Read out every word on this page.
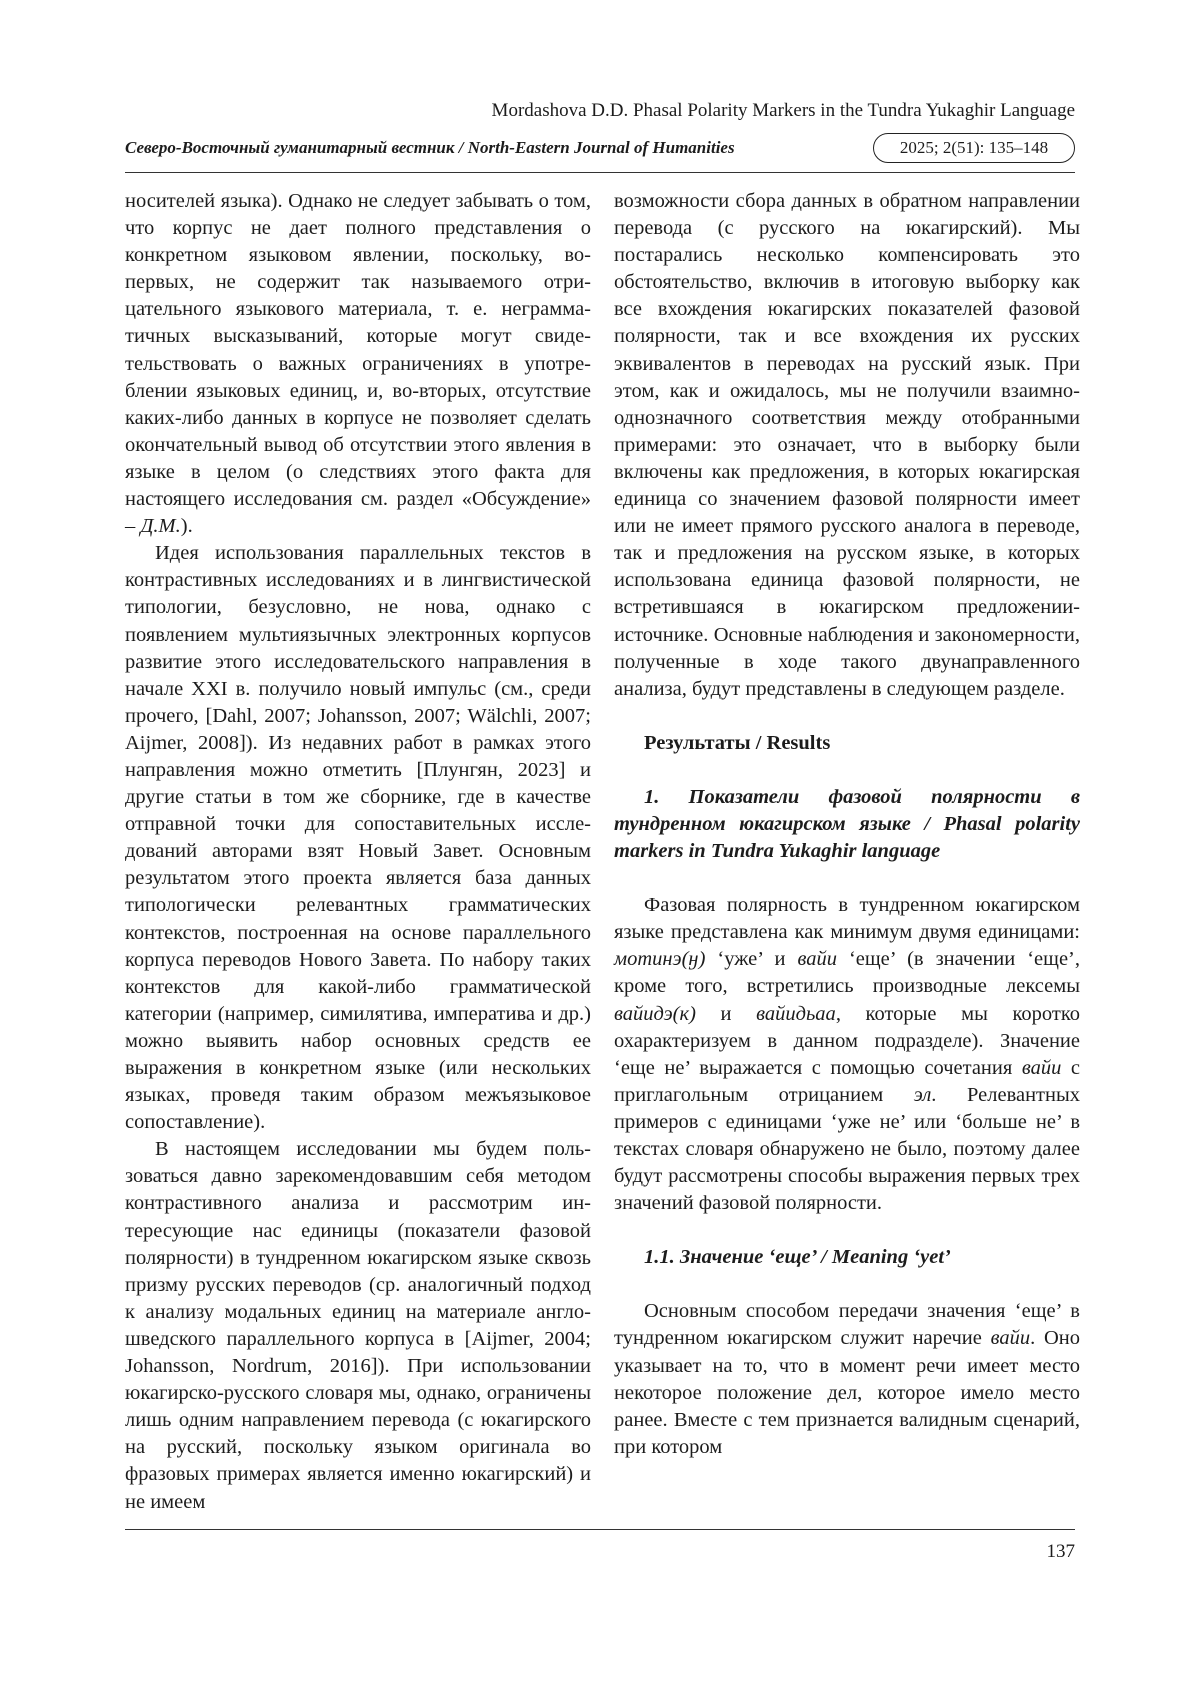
Mordashova D.D. Phasal Polarity Markers in the Tundra Yukaghir Language
Северо-Восточный гуманитарный вестник / North-Eastern Journal of Humanities	2025; 2(51): 135–148

носителей языка). Однако не следует забывать о том, что корпус не дает полного представления о конкретном языковом явлении, поскольку, во-первых, не содержит так называемого отрицательного языкового материала, т. е. неграмматичных высказываний, которые могут свидетельствовать о важных ограничениях в употреблении языковых единиц, и, во-вторых, отсутствие каких-либо данных в корпусе не позволяет сделать окончательный вывод об отсутствии этого явления в языке в целом (о следствиях этого факта для настоящего исследования см. раздел «Обсуждение» – Д.М.).

Идея использования параллельных текстов в контрастивных исследованиях и в лингвистической типологии, безусловно, не нова, однако с появлением мультиязычных электронных корпусов развитие этого исследовательского направления в начале XXI в. получило новый импульс (см., среди прочего, [Dahl, 2007; Johansson, 2007; Wälchli, 2007; Aijmer, 2008]). Из недавних работ в рамках этого направления можно отметить [Плунгян, 2023] и другие статьи в том же сборнике, где в качестве отправной точки для сопоставительных исследований авторами взят Новый Завет. Основным результатом этого проекта является база данных типологически релевантных грамматических контекстов, построенная на основе параллельного корпуса переводов Нового Завета. По набору таких контекстов для какой-либо грамматической категории (например, симилятива, императива и др.) можно выявить набор основных средств ее выражения в конкретном языке (или нескольких языках, проведя таким образом межъязыковое сопоставление).

В настоящем исследовании мы будем пользоваться давно зарекомендовавшим себя методом контрастивного анализа и рассмотрим интересующие нас единицы (показатели фазовой полярности) в тундренном юкагирском языке сквозь призму русских переводов (ср. аналогичный подход к анализу модальных единиц на материале англо-шведского параллельного корпуса в [Aijmer, 2004; Johansson, Nordrum, 2016]). При использовании юкагирско-русского словаря мы, однако, ограничены лишь одним направлением перевода (с юкагирского на русский, поскольку языком оригинала во фразовых примерах является именно юкагирский) и не имеем

возможности сбора данных в обратном направлении перевода (с русского на юкагирский). Мы постарались несколько компенсировать это обстоятельство, включив в итоговую выборку как все вхождения юкагирских показателей фазовой полярности, так и все вхождения их русских эквивалентов в переводах на русский язык. При этом, как и ожидалось, мы не получили взаимно-однозначного соответствия между отобранными примерами: это означает, что в выборку были включены как предложения, в которых юкагирская единица со значением фазовой полярности имеет или не имеет прямого русского аналога в переводе, так и предложения на русском языке, в которых использована единица фазовой полярности, не встретившаяся в юкагирском предложении-источнике. Основные наблюдения и закономерности, полученные в ходе такого двунаправленного анализа, будут представлены в следующем разделе.

Результаты / Results

1. Показатели фазовой полярности в тундренном юкагирском языке / Phasal polarity markers in Tundra Yukaghir language

Фазовая полярность в тундренном юкагирском языке представлена как минимум двумя единицами: мотинэ(ӈ) ‘уже’ и вайи ‘еще’ (в значении ‘еще’, кроме того, встретились производные лексемы вайидэ(к) и вайидьаа, которые мы коротко охарактеризуем в данном подразделе). Значение ‘еще не’ выражается с помощью сочетания вайи с приглагольным отрицанием эл. Релевантных примеров с единицами ‘уже не’ или ‘больше не’ в текстах словаря обнаружено не было, поэтому далее будут рассмотрены способы выражения первых трех значений фазовой полярности.

1.1. Значение ‘еще’ / Meaning ‘yet’

Основным способом передачи значения ‘еще’ в тундренном юкагирском служит наречие вайи. Оно указывает на то, что в момент речи имеет место некоторое положение дел, которое имело место ранее. Вместе с тем признается валидным сценарий, при котором

137
